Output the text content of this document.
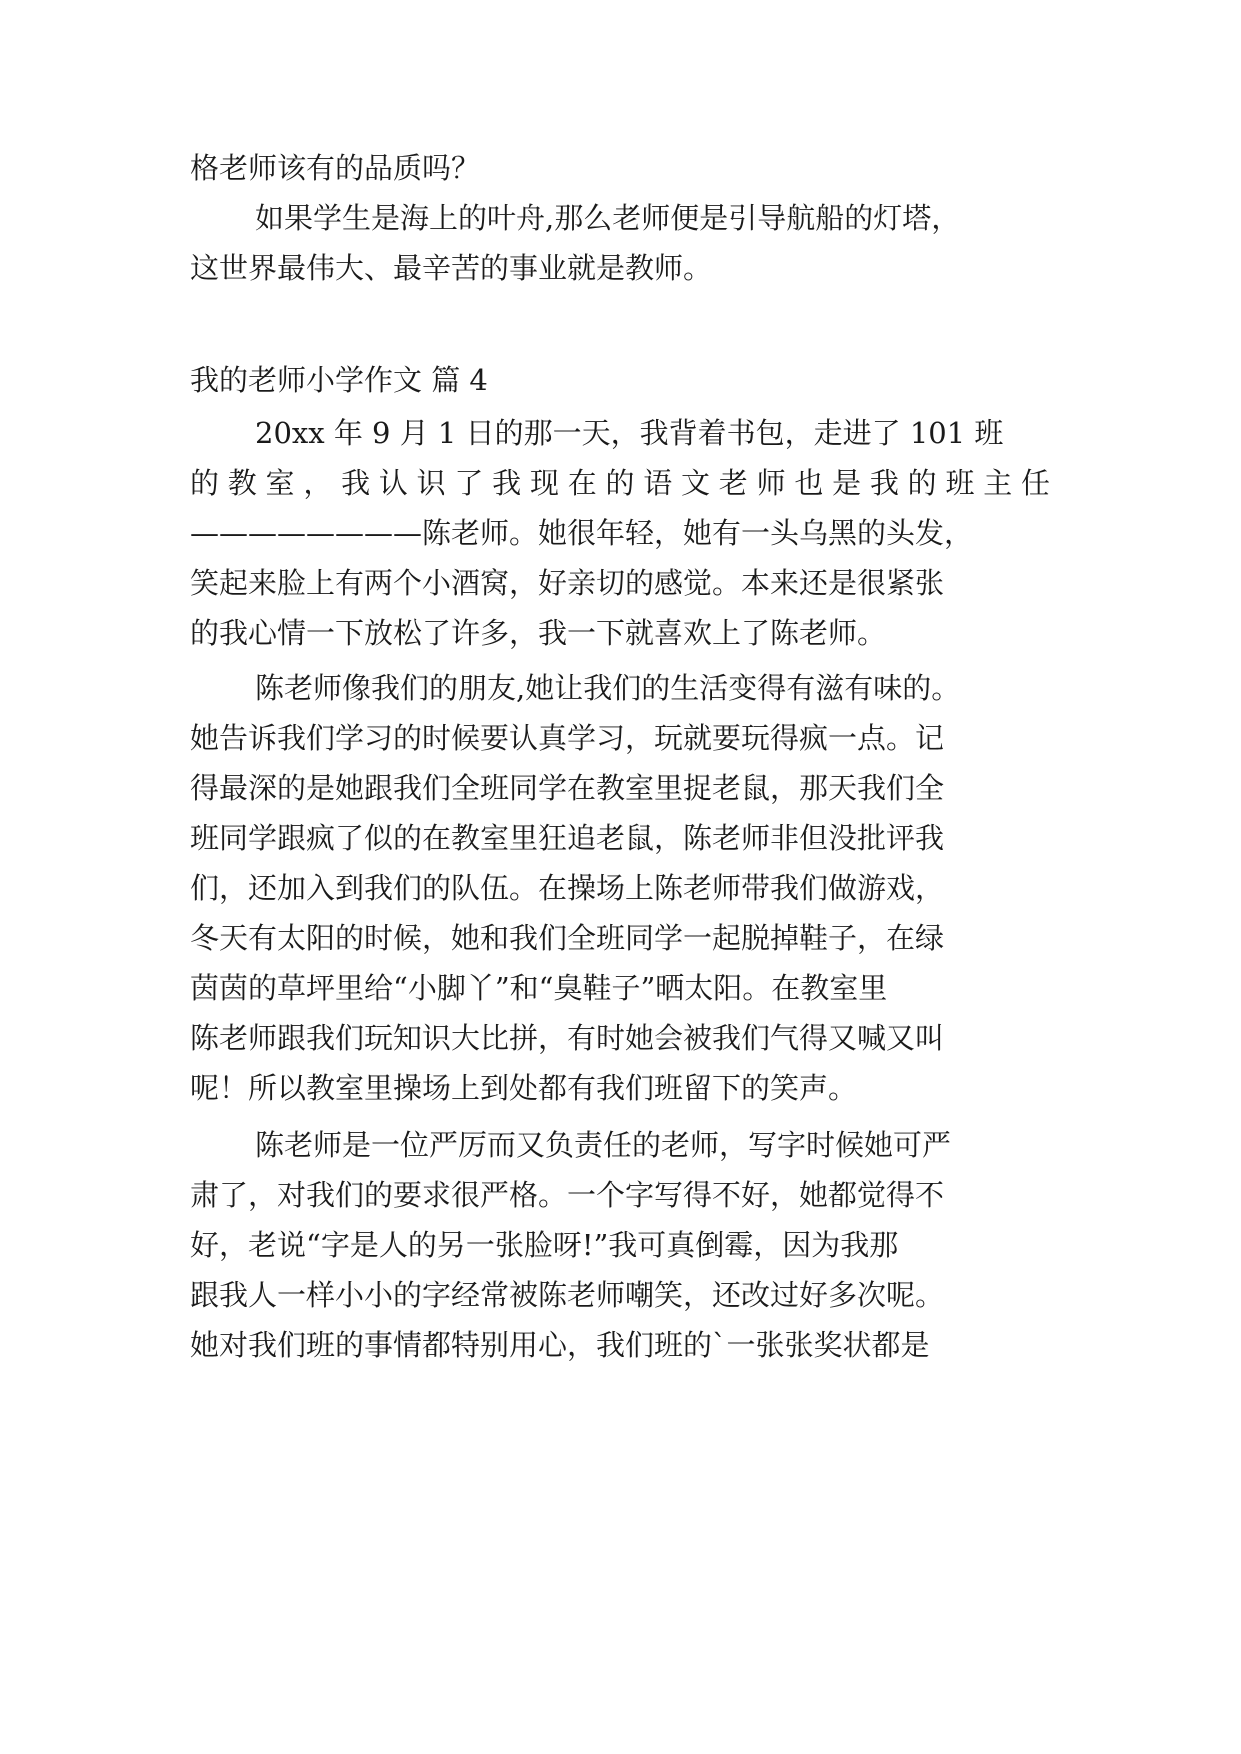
格老师该有的品质吗？

如果学生是海上的叶舟,那么老师便是引导航船的灯塔，

这世界最伟大、最辛苦的事业就是教师。

我的老师小学作文 篇 4

20xx 年 9 月 1 日的那一天，我背着书包，走进了 101 班

的教室，我认识了我现在的语文老师也是我的班主任

————————陈老师。她很年轻，她有一头乌黑的头发，

笑起来脸上有两个小酒窝，好亲切的感觉。本来还是很紧张

的我心情一下放松了许多，我一下就喜欢上了陈老师。

陈老师像我们的朋友,她让我们的生活变得有滋有味的。

她告诉我们学习的时候要认真学习，玩就要玩得疯一点。记

得最深的是她跟我们全班同学在教室里捉老鼠，那天我们全

班同学跟疯了似的在教室里狂追老鼠，陈老师非但没批评我

们，还加入到我们的队伍。在操场上陈老师带我们做游戏，

冬天有太阳的时候，她和我们全班同学一起脱掉鞋子，在绿

茵茵的草坪里给“小脚丫”和“臭鞋子”晒太阳。在教室里

陈老师跟我们玩知识大比拼，有时她会被我们气得又喊又叫

呢！所以教室里操场上到处都有我们班留下的笑声。

陈老师是一位严厉而又负责任的老师，写字时候她可严

肃了，对我们的要求很严格。一个字写得不好，她都觉得不

好，老说“字是人的另一张脸呀!”我可真倒霉，因为我那

跟我人一样小小的字经常被陈老师嘲笑，还改过好多次呢。

她对我们班的事情都特别用心，我们班的`一张张奖状都是
